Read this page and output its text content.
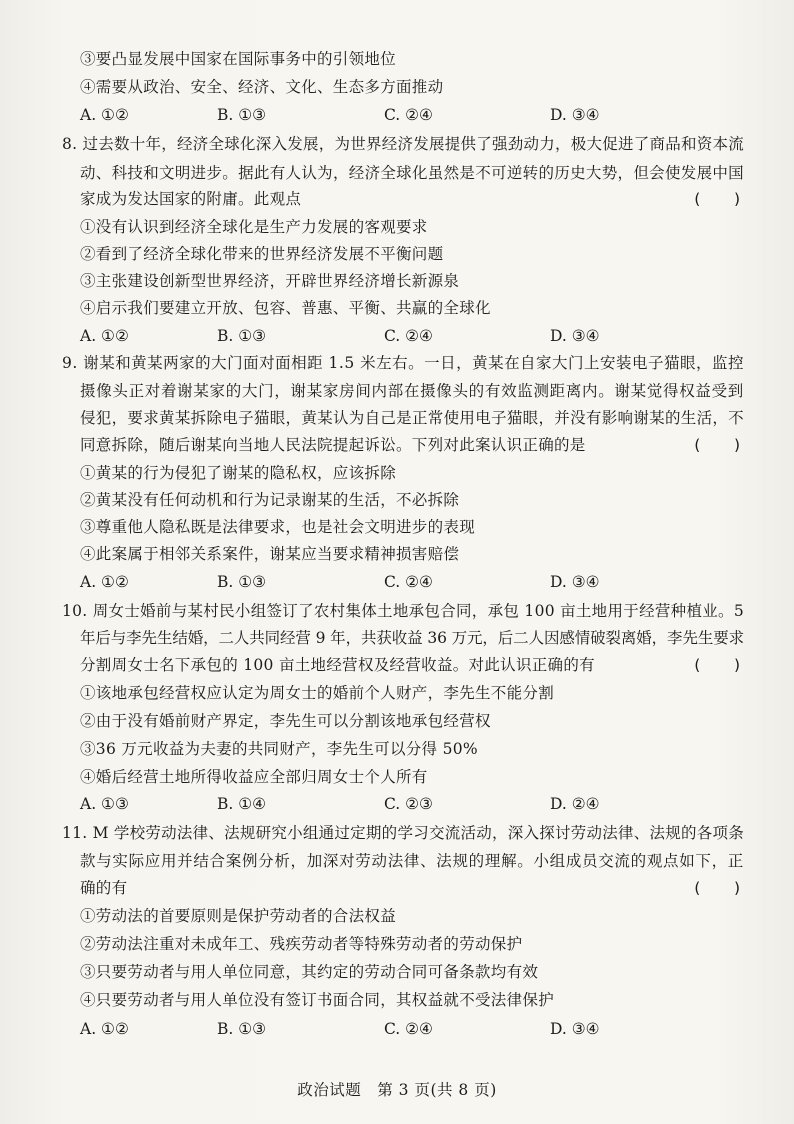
③要凸显发展中国家在国际事务中的引领地位
④需要从政治、安全、经济、文化、生态多方面推动
A. ①②	B. ①③	C. ②④	D. ③④
8. 过去数十年，经济全球化深入发展，为世界经济发展提供了强劲动力，极大促进了商品和资本流
动、科技和文明进步。据此有人认为，经济全球化虽然是不可逆转的历史大势，但会使发展中国
家成为发达国家的附庸。此观点	(　　)
①没有认识到经济全球化是生产力发展的客观要求
②看到了经济全球化带来的世界经济发展不平衡问题
③主张建设创新型世界经济，开辟世界经济增长新源泉
④启示我们要建立开放、包容、普惠、平衡、共赢的全球化
A. ①②	B. ①③	C. ②④	D. ③④
9. 谢某和黄某两家的大门面对面相距 1.5 米左右。一日，黄某在自家大门上安装电子猫眼，监控
摄像头正对着谢某家的大门，谢某家房间内部在摄像头的有效监测距离内。谢某觉得权益受到
侵犯，要求黄某拆除电子猫眼，黄某认为自己是正常使用电子猫眼，并没有影响谢某的生活，不
同意拆除，随后谢某向当地人民法院提起诉讼。下列对此案认识正确的是	(　　)
①黄某的行为侵犯了谢某的隐私权，应该拆除
②黄某没有任何动机和行为记录谢某的生活，不必拆除
③尊重他人隐私既是法律要求，也是社会文明进步的表现
④此案属于相邻关系案件，谢某应当要求精神损害赔偿
A. ①②	B. ①③	C. ②④	D. ③④
10. 周女士婚前与某村民小组签订了农村集体土地承包合同，承包 100 亩土地用于经营种植业。5
年后与李先生结婚，二人共同经营 9 年，共获收益 36 万元，后二人因感情破裂离婚，李先生要求
分割周女士名下承包的 100 亩土地经营权及经营收益。对此认识正确的有	(　　)
①该地承包经营权应认定为周女士的婚前个人财产，李先生不能分割
②由于没有婚前财产界定，李先生可以分割该地承包经营权
③36 万元收益为夫妻的共同财产，李先生可以分得 50%
④婚后经营土地所得收益应全部归周女士个人所有
A. ①③	B. ①④	C. ②③	D. ②④
11. M 学校劳动法律、法规研究小组通过定期的学习交流活动，深入探讨劳动法律、法规的各项条
款与实际应用并结合案例分析，加深对劳动法律、法规的理解。小组成员交流的观点如下，正
确的有	(　　)
①劳动法的首要原则是保护劳动者的合法权益
②劳动法注重对未成年工、残疾劳动者等特殊劳动者的劳动保护
③只要劳动者与用人单位同意，其约定的劳动合同可备条款均有效
④只要劳动者与用人单位没有签订书面合同，其权益就不受法律保护
A. ①②	B. ①③	C. ②④	D. ③④
政治试题　第 3 页(共 8 页)
